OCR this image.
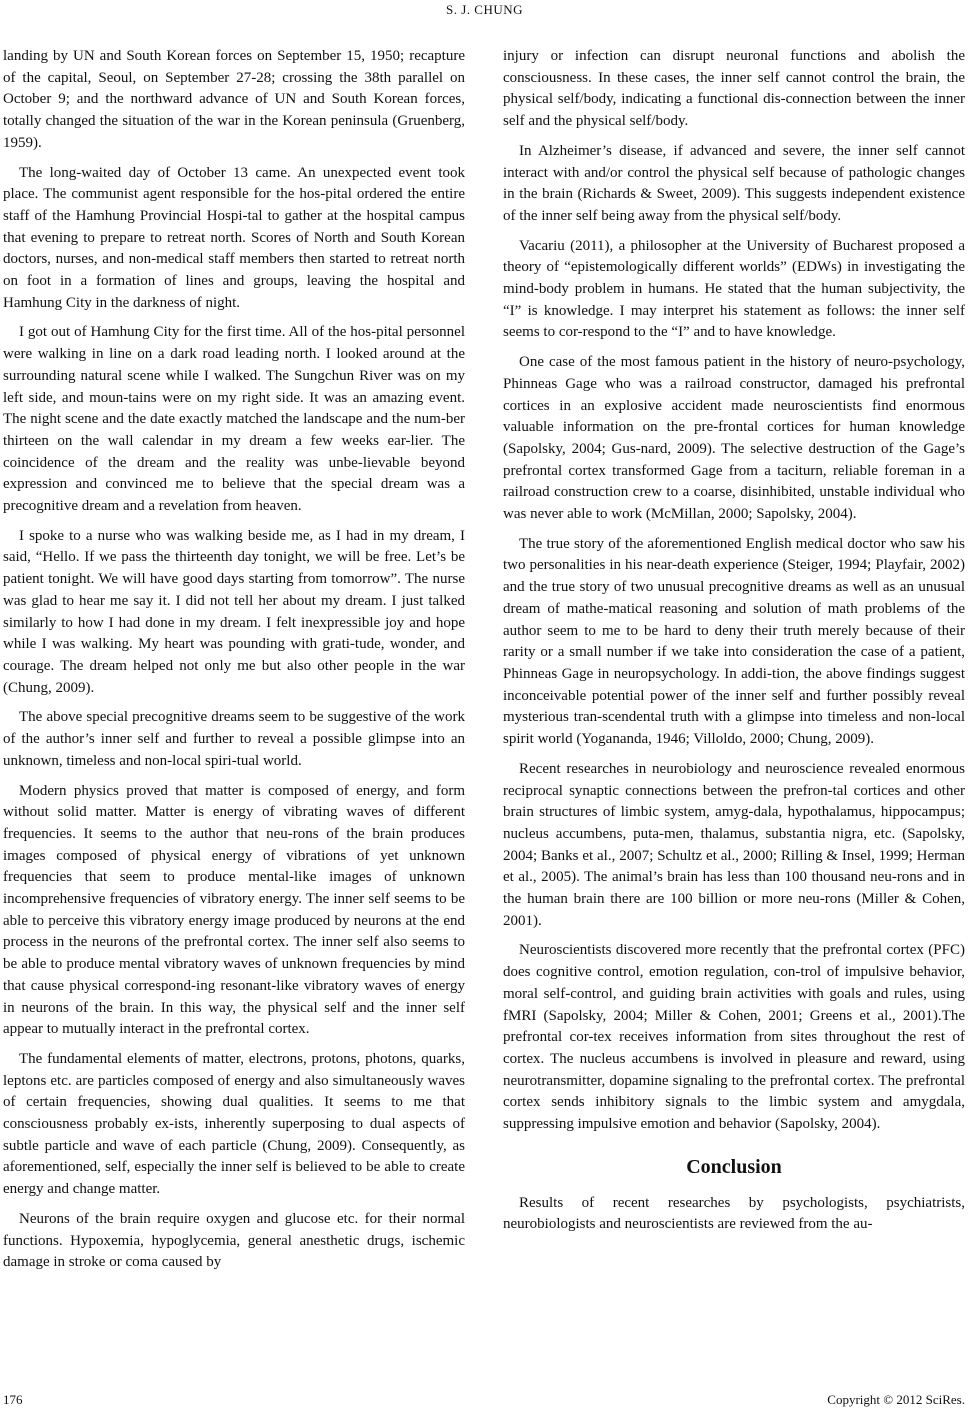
S. J. CHUNG

landing by UN and South Korean forces on September 15, 1950; recapture of the capital, Seoul, on September 27-28; crossing the 38th parallel on October 9; and the northward advance of UN and South Korean forces, totally changed the situation of the war in the Korean peninsula (Gruenberg, 1959).

The long-waited day of October 13 came. An unexpected event took place. The communist agent responsible for the hos-pital ordered the entire staff of the Hamhung Provincial Hospi-tal to gather at the hospital campus that evening to prepare to retreat north. Scores of North and South Korean doctors, nurses, and non-medical staff members then started to retreat north on foot in a formation of lines and groups, leaving the hospital and Hamhung City in the darkness of night.

I got out of Hamhung City for the first time. All of the hos-pital personnel were walking in line on a dark road leading north. I looked around at the surrounding natural scene while I walked. The Sungchun River was on my left side, and moun-tains were on my right side. It was an amazing event. The night scene and the date exactly matched the landscape and the num-ber thirteen on the wall calendar in my dream a few weeks ear-lier. The coincidence of the dream and the reality was unbe-lievable beyond expression and convinced me to believe that the special dream was a precognitive dream and a revelation from heaven.

I spoke to a nurse who was walking beside me, as I had in my dream, I said, “Hello. If we pass the thirteenth day tonight, we will be free. Let’s be patient tonight. We will have good days starting from tomorrow”. The nurse was glad to hear me say it. I did not tell her about my dream. I just talked similarly to how I had done in my dream. I felt inexpressible joy and hope while I was walking. My heart was pounding with grati-tude, wonder, and courage. The dream helped not only me but also other people in the war (Chung, 2009).

The above special precognitive dreams seem to be suggestive of the work of the author’s inner self and further to reveal a possible glimpse into an unknown, timeless and non-local spiri-tual world.

Modern physics proved that matter is composed of energy, and form without solid matter. Matter is energy of vibrating waves of different frequencies. It seems to the author that neu-rons of the brain produces images composed of physical energy of vibrations of yet unknown frequencies that seem to produce mental-like images of unknown incomprehensive frequencies of vibratory energy. The inner self seems to be able to perceive this vibratory energy image produced by neurons at the end process in the neurons of the prefrontal cortex. The inner self also seems to be able to produce mental vibratory waves of unknown frequencies by mind that cause physical correspond-ing resonant-like vibratory waves of energy in neurons of the brain. In this way, the physical self and the inner self appear to mutually interact in the prefrontal cortex.

The fundamental elements of matter, electrons, protons, photons, quarks, leptons etc. are particles composed of energy and also simultaneously waves of certain frequencies, showing dual qualities. It seems to me that consciousness probably ex-ists, inherently superposing to dual aspects of subtle particle and wave of each particle (Chung, 2009). Consequently, as aforementioned, self, especially the inner self is believed to be able to create energy and change matter.

Neurons of the brain require oxygen and glucose etc. for their normal functions. Hypoxemia, hypoglycemia, general anesthetic drugs, ischemic damage in stroke or coma caused by

injury or infection can disrupt neuronal functions and abolish the consciousness. In these cases, the inner self cannot control the brain, the physical self/body, indicating a functional dis-connection between the inner self and the physical self/body.

In Alzheimer’s disease, if advanced and severe, the inner self cannot interact with and/or control the physical self because of pathologic changes in the brain (Richards & Sweet, 2009). This suggests independent existence of the inner self being away from the physical self/body.

Vacariu (2011), a philosopher at the University of Bucharest proposed a theory of “epistemologically different worlds” (EDWs) in investigating the mind-body problem in humans. He stated that the human subjectivity, the “I” is knowledge. I may interpret his statement as follows: the inner self seems to cor-respond to the “I” and to have knowledge.

One case of the most famous patient in the history of neuro-psychology, Phinneas Gage who was a railroad constructor, damaged his prefrontal cortices in an explosive accident made neuroscientists find enormous valuable information on the pre-frontal cortices for human knowledge (Sapolsky, 2004; Gus-nard, 2009). The selective destruction of the Gage’s prefrontal cortex transformed Gage from a taciturn, reliable foreman in a railroad construction crew to a coarse, disinhibited, unstable individual who was never able to work (McMillan, 2000; Sapolsky, 2004).

The true story of the aforementioned English medical doctor who saw his two personalities in his near-death experience (Steiger, 1994; Playfair, 2002) and the true story of two unusual precognitive dreams as well as an unusual dream of mathe-matical reasoning and solution of math problems of the author seem to me to be hard to deny their truth merely because of their rarity or a small number if we take into consideration the case of a patient, Phinneas Gage in neuropsychology. In addi-tion, the above findings suggest inconceivable potential power of the inner self and further possibly reveal mysterious tran-scendental truth with a glimpse into timeless and non-local spirit world (Yogananda, 1946; Villoldo, 2000; Chung, 2009).

Recent researches in neurobiology and neuroscience revealed enormous reciprocal synaptic connections between the prefron-tal cortices and other brain structures of limbic system, amyg-dala, hypothalamus, hippocampus; nucleus accumbens, puta-men, thalamus, substantia nigra, etc. (Sapolsky, 2004; Banks et al., 2007; Schultz et al., 2000; Rilling & Insel, 1999; Herman et al., 2005). The animal’s brain has less than 100 thousand neu-rons and in the human brain there are 100 billion or more neu-rons (Miller & Cohen, 2001).

Neuroscientists discovered more recently that the prefrontal cortex (PFC) does cognitive control, emotion regulation, con-trol of impulsive behavior, moral self-control, and guiding brain activities with goals and rules, using fMRI (Sapolsky, 2004; Miller & Cohen, 2001; Greens et al., 2001).The prefrontal cor-tex receives information from sites throughout the rest of cortex. The nucleus accumbens is involved in pleasure and reward, using neurotransmitter, dopamine signaling to the prefrontal cortex. The prefrontal cortex sends inhibitory signals to the limbic system and amygdala, suppressing impulsive emotion and behavior (Sapolsky, 2004).

Conclusion

Results of recent researches by psychologists, psychiatrists, neurobiologists and neuroscientists are reviewed from the au-

176	Copyright © 2012 SciRes.
